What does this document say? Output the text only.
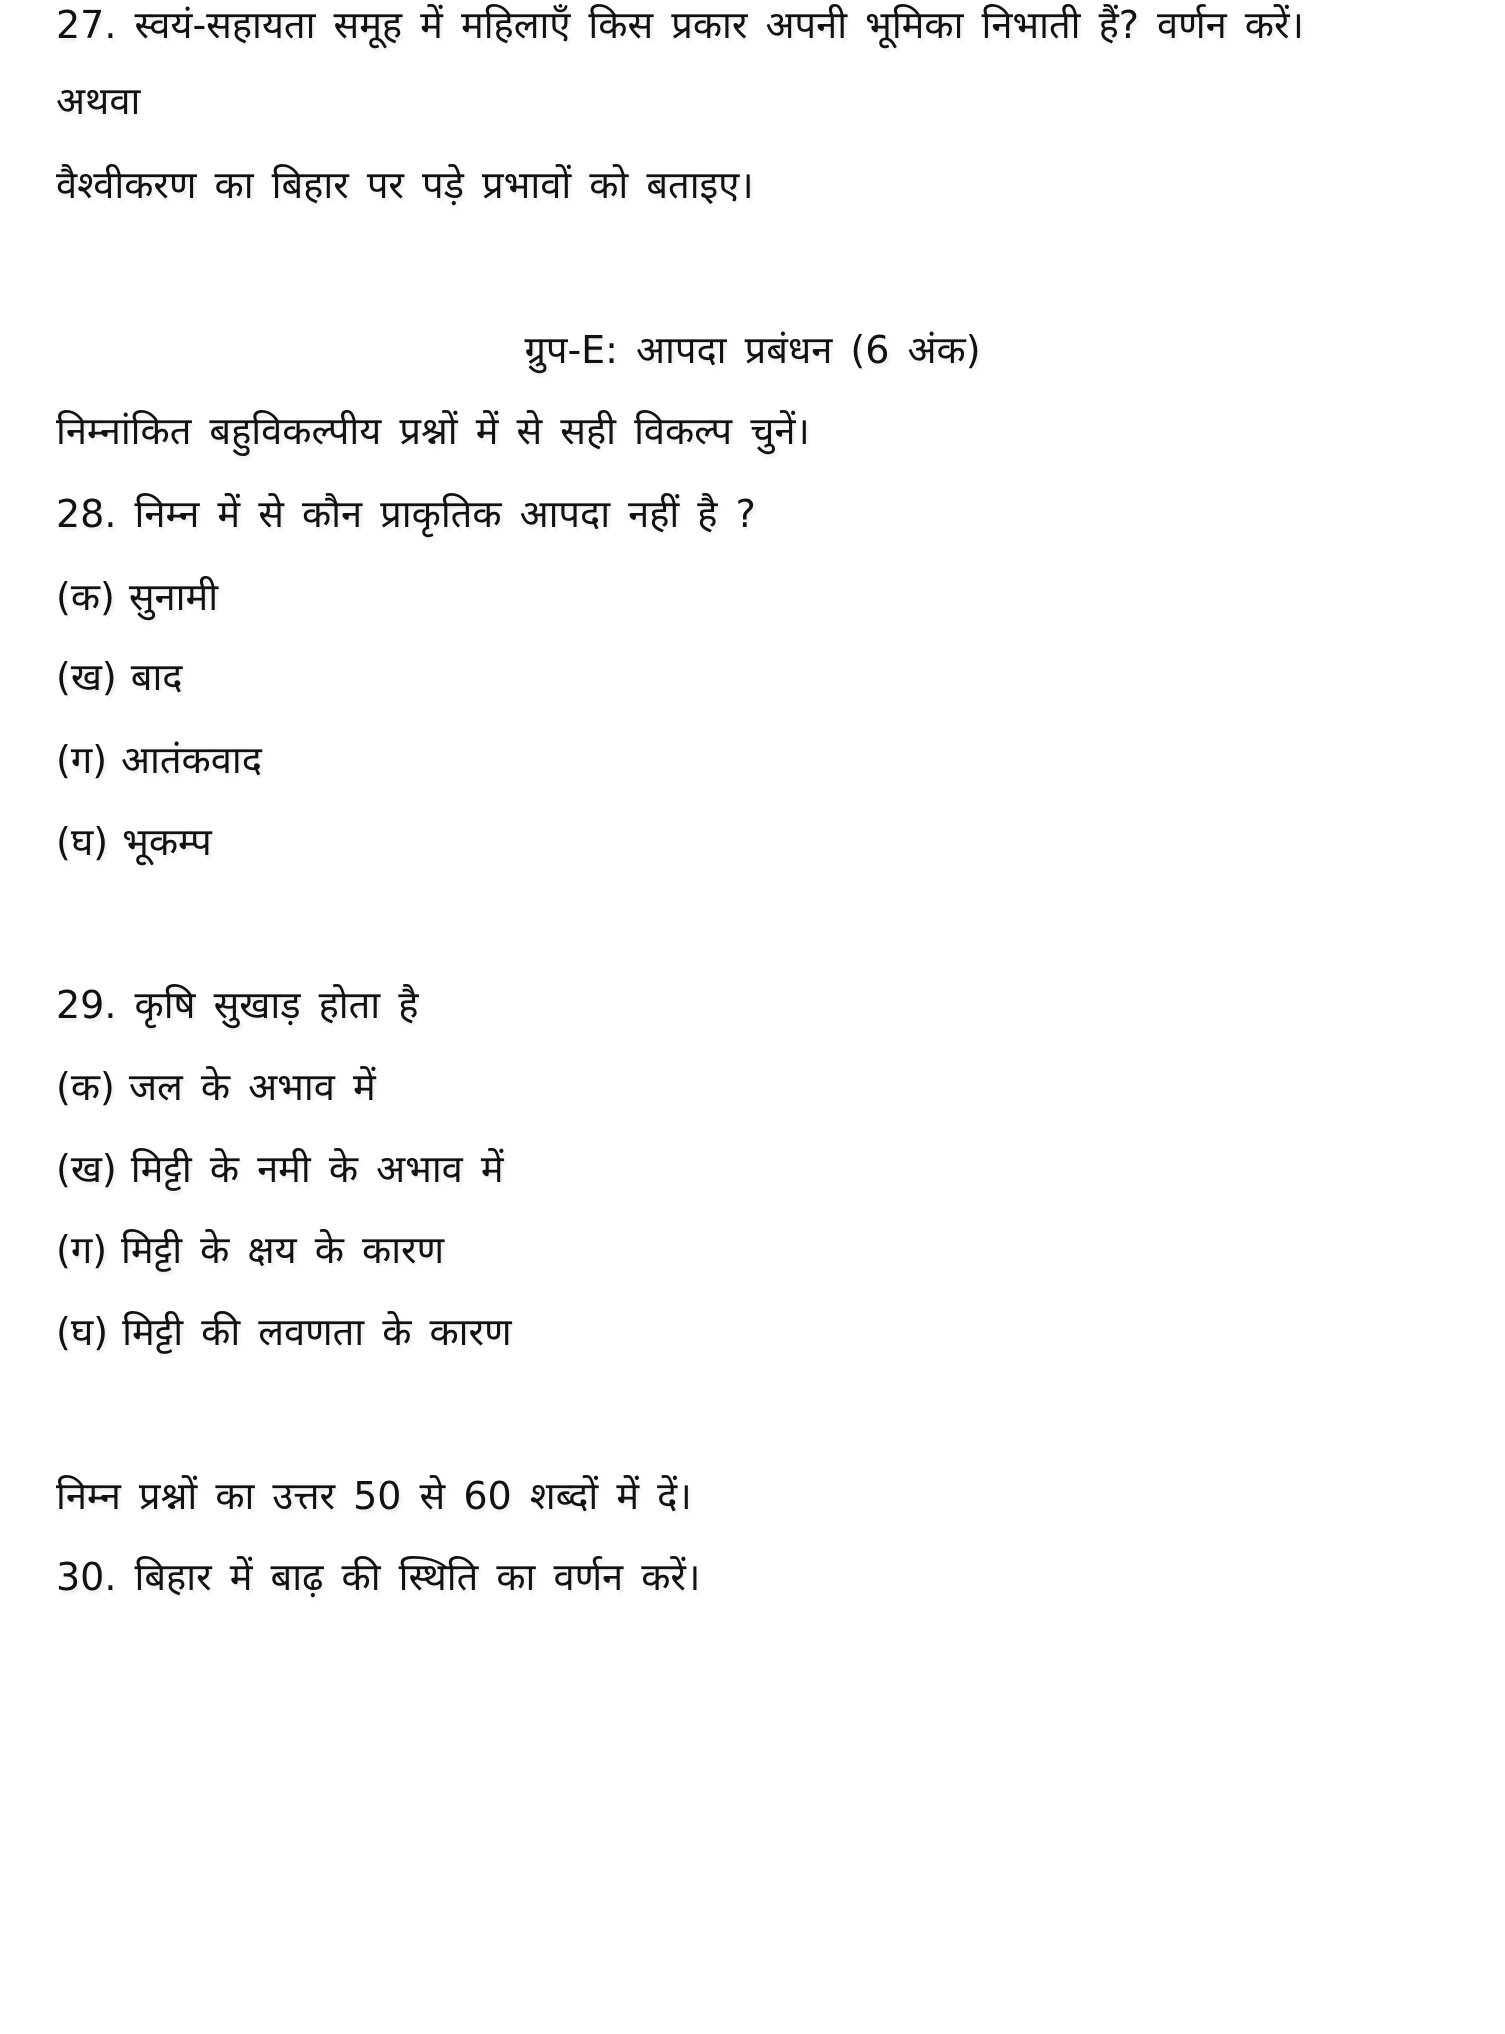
27. स्वयं-सहायता समूह में महिलाएँ किस प्रकार अपनी भूमिका निभाती हैं? वर्णन करें।
अथवा
वैश्वीकरण का बिहार पर पड़े प्रभावों को बताइए।
ग्रुप-E: आपदा प्रबंधन (6 अंक)
निम्नांकित बहुविकल्पीय प्रश्नों में से सही विकल्प चुनें।
28. निम्न में से कौन प्राकृतिक आपदा नहीं है ?
(क) सुनामी
(ख) बाद
(ग) आतंकवाद
(घ) भूकम्प
29. कृषि सुखाड़ होता है
(क) जल के अभाव में
(ख) मिट्टी के नमी के अभाव में
(ग) मिट्टी के क्षय के कारण
(घ) मिट्टी की लवणता के कारण
निम्न प्रश्नों का उत्तर 50 से 60 शब्दों में दें।
30. बिहार में बाढ़ की स्थिति का वर्णन करें।
